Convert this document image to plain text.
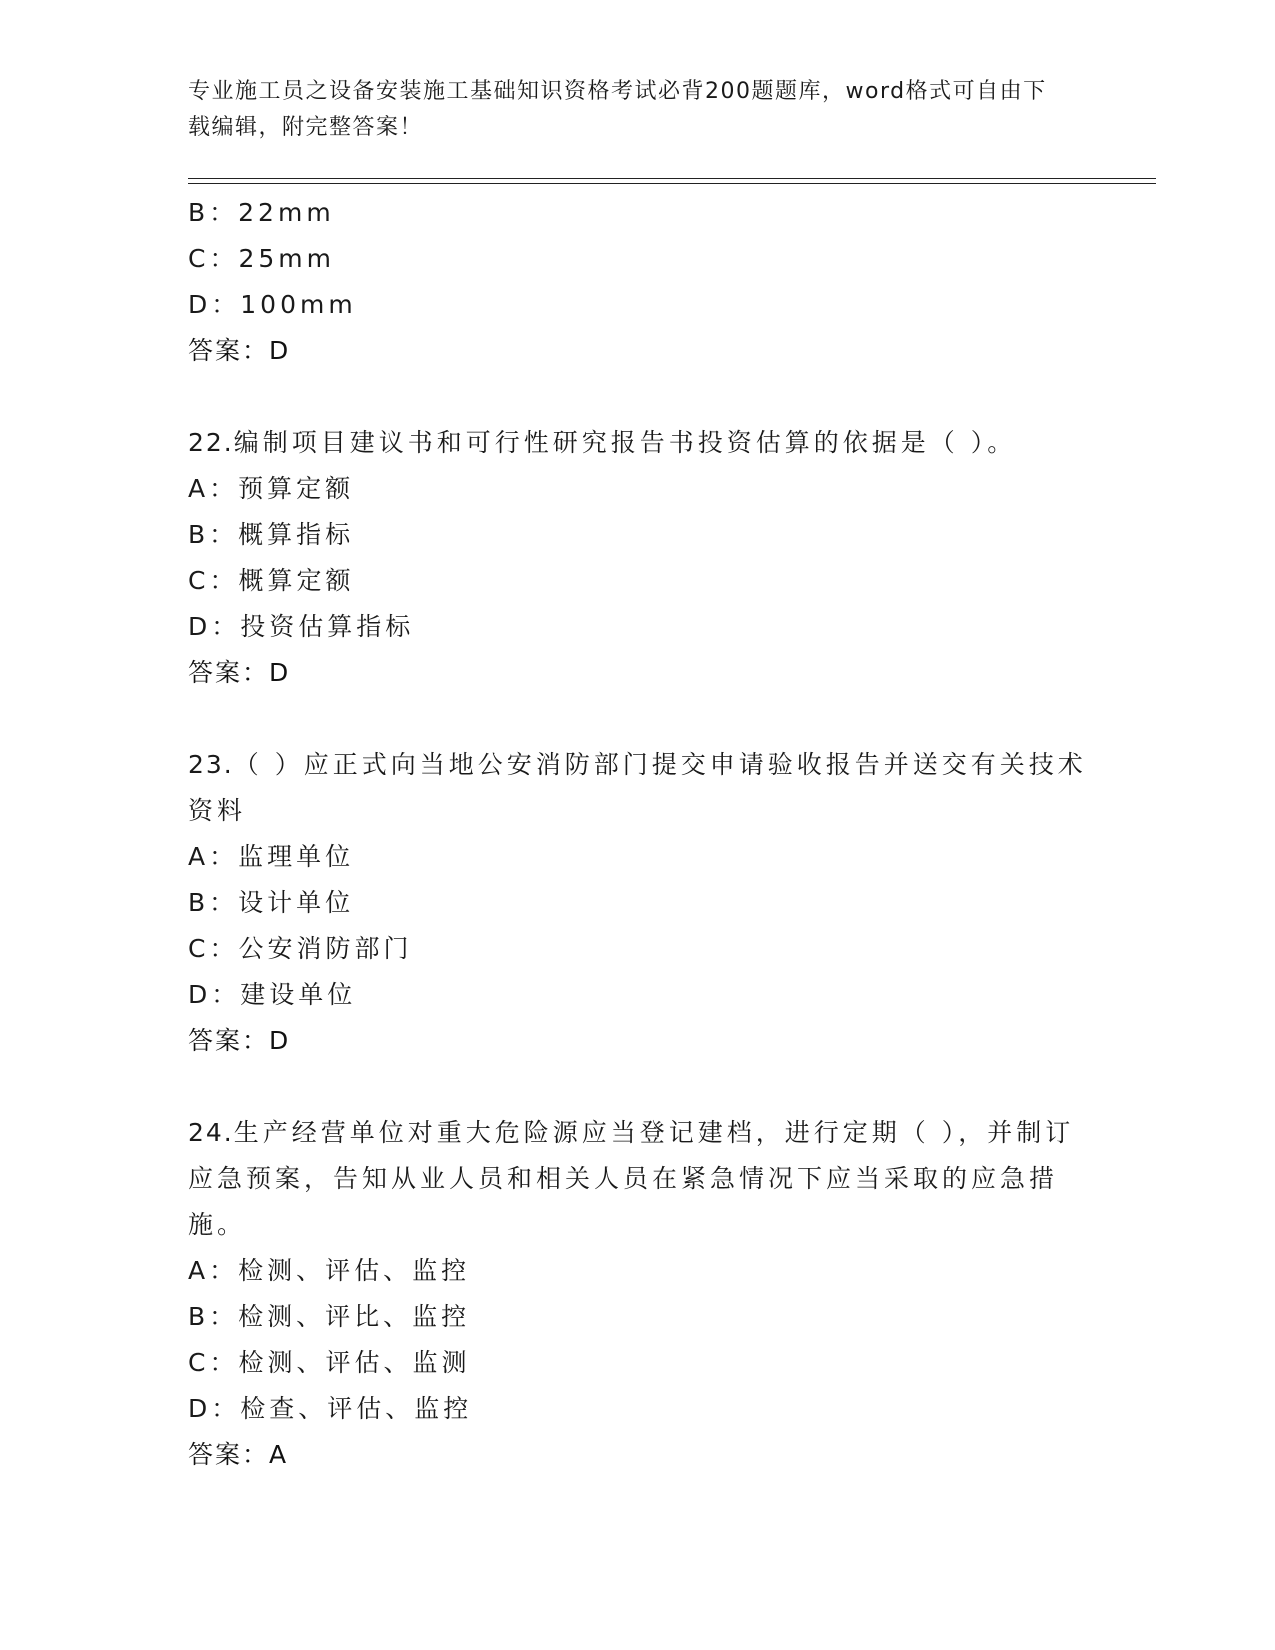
专业施工员之设备安装施工基础知识资格考试必背200题题库，word格式可自由下载编辑，附完整答案！
B：22mm
C：25mm
D：100mm
答案：D
22.编制项目建议书和可行性研究报告书投资估算的依据是（ ）。
A：预算定额
B：概算指标
C：概算定额
D：投资估算指标
答案：D
23.（ ）应正式向当地公安消防部门提交申请验收报告并送交有关技术资料
A：监理单位
B：设计单位
C：公安消防部门
D：建设单位
答案：D
24.生产经营单位对重大危险源应当登记建档，进行定期（ ），并制订应急预案，告知从业人员和相关人员在紧急情况下应当采取的应急措施。
A：检测、评估、监控
B：检测、评比、监控
C：检测、评估、监测
D：检查、评估、监控
答案：A
